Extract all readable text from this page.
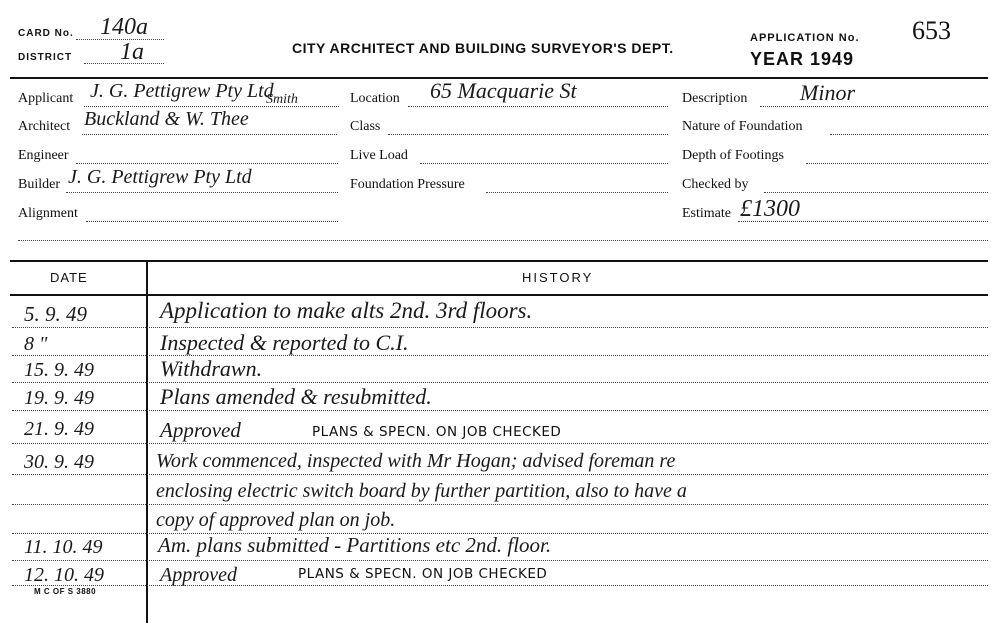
CARD No. 140a
DISTRICT 1a	CITY ARCHITECT AND BUILDING SURVEYOR'S DEPT.
APPLICATION No. 653
YEAR 1949
Applicant J. G. Pettigrew Pty Ltd
Architect Buckland & W. Thee
Smith
Engineer
Builder J. G. Pettigrew Pty Ltd
Alignment
Location 65 Macquarie St
Class
Live Load
Foundation Pressure
Description Minor
Nature of Foundation
Depth of Footings
Checked by
Estimate £1300
DATE	HISTORY
5. 9. 49	Application to make alts 2nd. 3rd floors.
8 "	Inspected & reported to C.I.
15. 9. 49	Withdrawn.
19. 9. 49	Plans amended & resubmitted.
21. 9. 49	Approved	PLANS & SPECN. ON JOB CHECKED
30. 9. 49	Work commenced, inspected with Mr Hogan; advised foreman re
enclosing electric switch board by further partition, also to have a
copy of approved plan on job.
11. 10. 49	Am. plans submitted - Partitions etc 2nd. floor.
12. 10. 49	Approved	PLANS & SPECN. ON JOB CHECKED
M C OF S 3880
